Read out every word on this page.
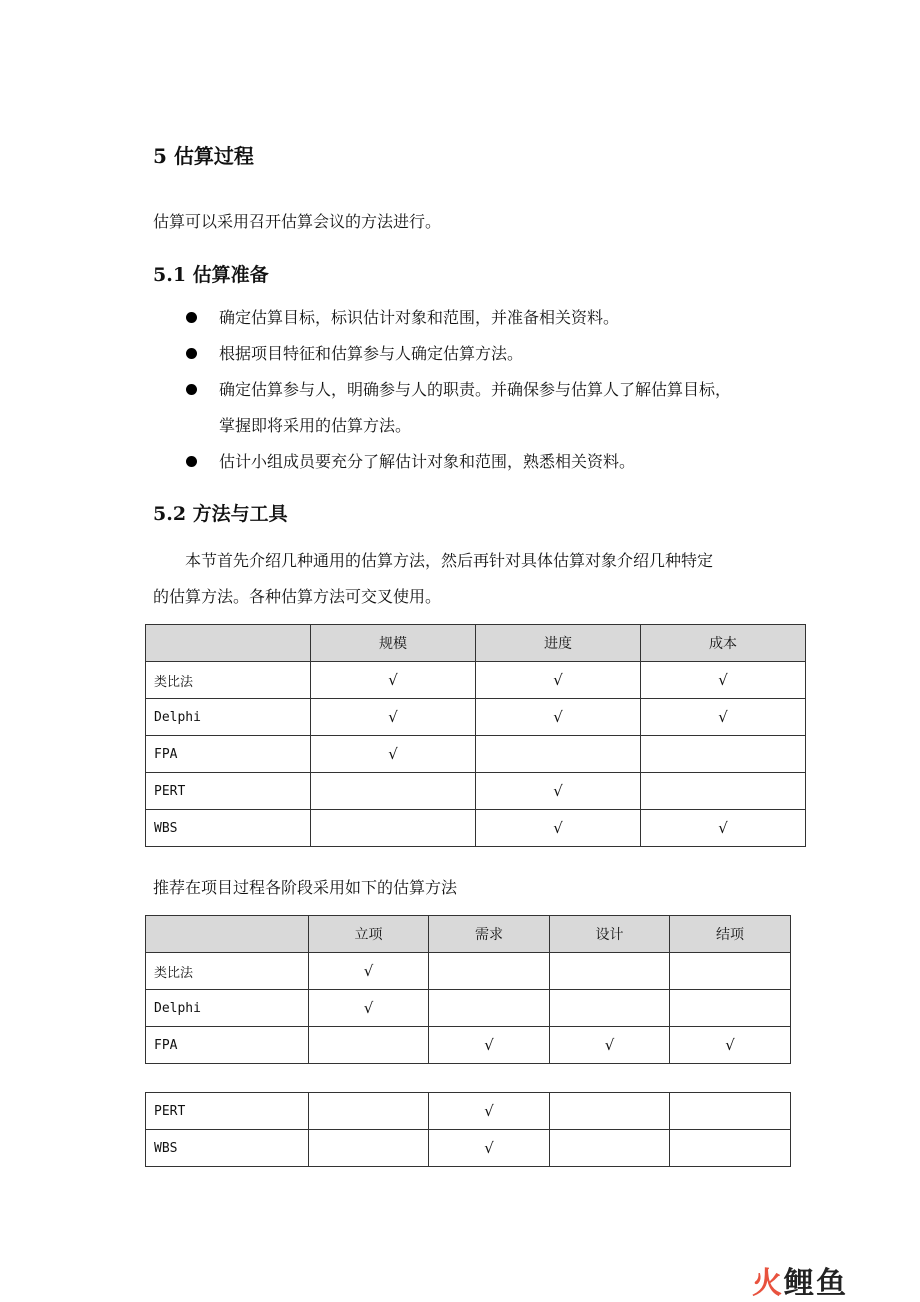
5 估算过程
估算可以采用召开估算会议的方法进行。
5.1 估算准备
确定估算目标，标识估计对象和范围，并准备相关资料。
根据项目特征和估算参与人确定估算方法。
确定估算参与人，明确参与人的职责。并确保参与估算人了解估算目标，
掌握即将采用的估算方法。
估计小组成员要充分了解估计对象和范围，熟悉相关资料。
5.2 方法与工具
本节首先介绍几种通用的估算方法，然后再针对具体估算对象介绍几种特定
的估算方法。各种估算方法可交叉使用。
	规模	进度	成本
类比法	√	√	√
Delphi	√	√	√
FPA	√		
PERT		√	
WBS		√	√
推荐在项目过程各阶段采用如下的估算方法
	立项	需求	设计	结项
类比法	√			
Delphi	√			
FPA		√	√	√
PERT		√		
WBS		√		
火鲤鱼
